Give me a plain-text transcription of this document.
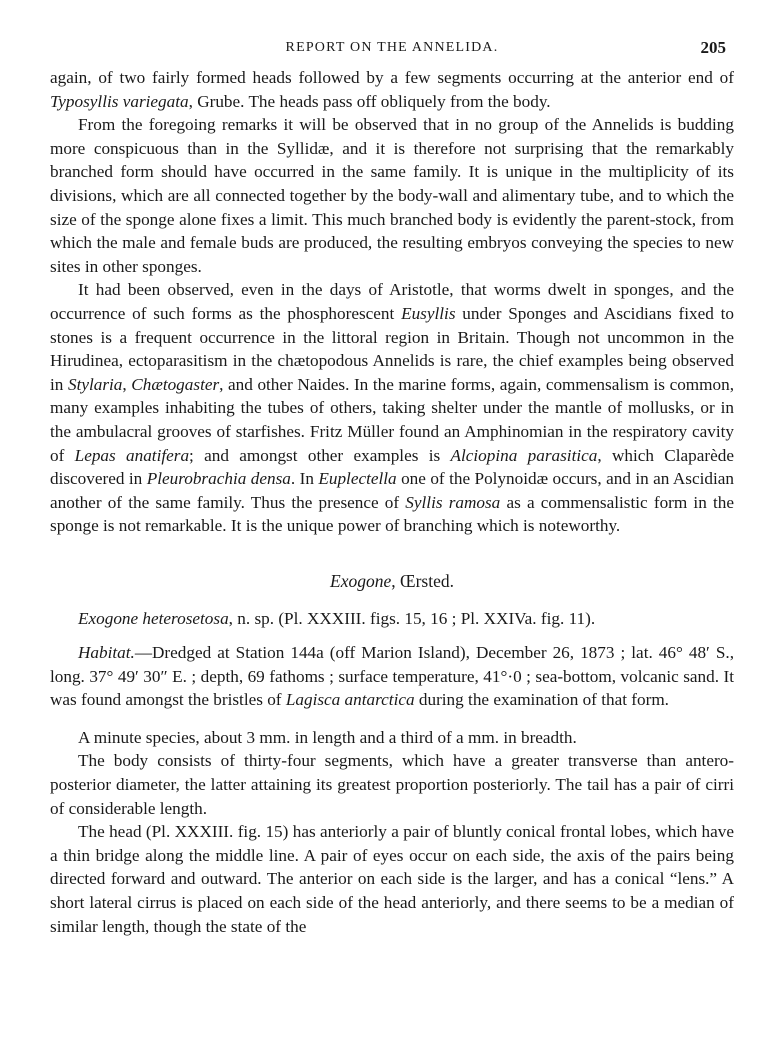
REPORT ON THE ANNELIDA.	205

again, of two fairly formed heads followed by a few segments occurring at the anterior end of Typosyllis variegata, Grube. The heads pass off obliquely from the body.

From the foregoing remarks it will be observed that in no group of the Annelids is budding more conspicuous than in the Syllidæ, and it is therefore not surprising that the remarkably branched form should have occurred in the same family. It is unique in the multiplicity of its divisions, which are all connected together by the body-wall and alimentary tube, and to which the size of the sponge alone fixes a limit. This much branched body is evidently the parent-stock, from which the male and female buds are produced, the resulting embryos conveying the species to new sites in other sponges.

It had been observed, even in the days of Aristotle, that worms dwelt in sponges, and the occurrence of such forms as the phosphorescent Eusyllis under Sponges and Ascidians fixed to stones is a frequent occurrence in the littoral region in Britain. Though not uncommon in the Hirudinea, ectoparasitism in the chætopodous Annelids is rare, the chief examples being observed in Stylaria, Chætogaster, and other Naides. In the marine forms, again, commensalism is common, many examples inhabiting the tubes of others, taking shelter under the mantle of mollusks, or in the ambulacral grooves of starfishes. Fritz Müller found an Amphinomian in the respiratory cavity of Lepas anatifera; and amongst other examples is Alciopina parasitica, which Claparède discovered in Pleurobrachia densa. In Euplectella one of the Polynoidæ occurs, and in an Ascidian another of the same family. Thus the presence of Syllis ramosa as a commensalistic form in the sponge is not remarkable. It is the unique power of branching which is noteworthy.

Exogone, Œrsted.

Exogone heterosetosa, n. sp. (Pl. XXXIII. figs. 15, 16 ; Pl. XXIVa. fig. 11).

Habitat.—Dredged at Station 144a (off Marion Island), December 26, 1873 ; lat. 46° 48′ S., long. 37° 49′ 30″ E. ; depth, 69 fathoms ; surface temperature, 41°·0 ; sea-bottom, volcanic sand. It was found amongst the bristles of Lagisca antarctica during the examination of that form.

A minute species, about 3 mm. in length and a third of a mm. in breadth.

The body consists of thirty-four segments, which have a greater transverse than antero-posterior diameter, the latter attaining its greatest proportion posteriorly. The tail has a pair of cirri of considerable length.

The head (Pl. XXXIII. fig. 15) has anteriorly a pair of bluntly conical frontal lobes, which have a thin bridge along the middle line. A pair of eyes occur on each side, the axis of the pairs being directed forward and outward. The anterior on each side is the larger, and has a conical “lens.” A short lateral cirrus is placed on each side of the head anteriorly, and there seems to be a median of similar length, though the state of the
